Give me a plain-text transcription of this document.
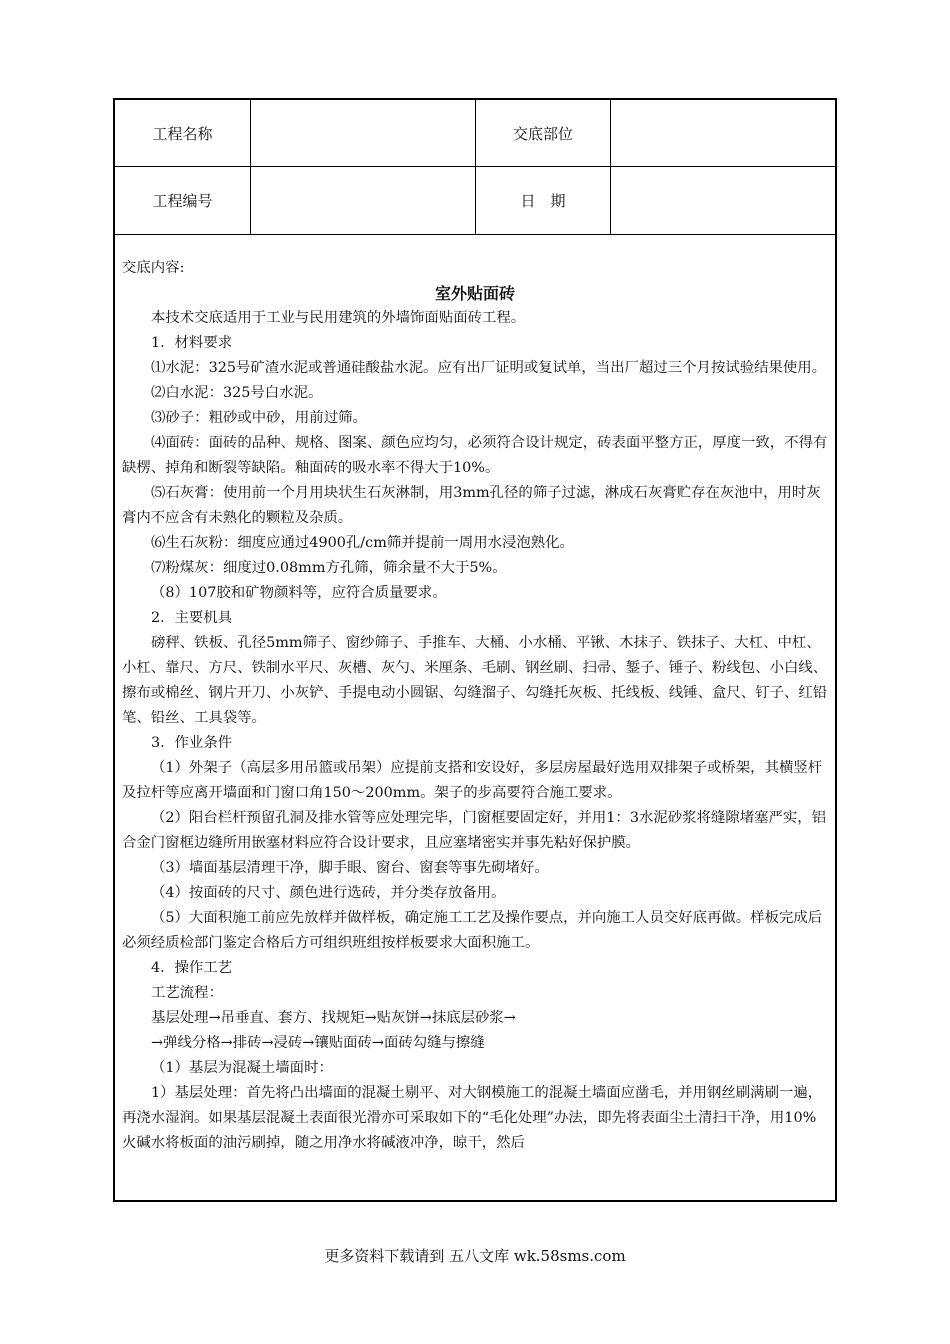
工程名称	交底部位
工程编号	日　期

交底内容:

室外贴面砖

本技术交底适用于工业与民用建筑的外墙饰面贴面砖工程。

1．材料要求

⑴水泥：325号矿渣水泥或普通硅酸盐水泥。应有出厂证明或复试单，当出厂超过三个月按试验结果使用。

⑵白水泥：325号白水泥。

⑶砂子：粗砂或中砂，用前过筛。

⑷面砖：面砖的品种、规格、图案、颜色应均匀，必须符合设计规定，砖表面平整方正，厚度一致，不得有缺楞、掉角和断裂等缺陷。釉面砖的吸水率不得大于10%。

⑸石灰膏：使用前一个月用块状生石灰淋制，用3mm孔径的筛子过滤，淋成石灰膏贮存在灰池中，用时灰膏内不应含有未熟化的颗粒及杂质。

⑹生石灰粉：细度应通过4900孔/cm筛并提前一周用水浸泡熟化。

⑺粉煤灰：细度过0.08mm方孔筛，筛余量不大于5%。

（8）107胶和矿物颜料等，应符合质量要求。

2．主要机具

磅秤、铁板、孔径5mm筛子、窗纱筛子、手推车、大桶、小水桶、平锹、木抹子、铁抹子、大杠、中杠、小杠、靠尺、方尺、铁制水平尺、灰槽、灰勺、米厘条、毛刷、钢丝刷、扫帚、錾子、锤子、粉线包、小白线、擦布或棉丝、钢片开刀、小灰铲、手提电动小圆锯、勾缝溜子、勾缝托灰板、托线板、线锤、盒尺、钉子、红铅笔、铅丝、工具袋等。

3．作业条件

（1）外架子（高层多用吊篮或吊架）应提前支搭和安设好，多层房屋最好选用双排架子或桥架，其横竖杆及拉杆等应离开墙面和门窗口角150～200mm。架子的步高要符合施工要求。

（2）阳台栏杆预留孔洞及排水管等应处理完毕，门窗框要固定好，并用1：3水泥砂浆将缝隙堵塞严实，铝合金门窗框边缝所用嵌塞材料应符合设计要求，且应塞堵密实并事先粘好保护膜。

（3）墙面基层清理干净，脚手眼、窗台、窗套等事先砌堵好。

（4）按面砖的尺寸、颜色进行选砖，并分类存放备用。

（5）大面积施工前应先放样并做样板，确定施工工艺及操作要点，并向施工人员交好底再做。样板完成后必须经质检部门鉴定合格后方可组织班组按样板要求大面积施工。

4．操作工艺

工艺流程：

基层处理→吊垂直、套方、找规矩→贴灰饼→抹底层砂浆→

→弹线分格→排砖→浸砖→镶贴面砖→面砖勾缝与擦缝

（1）基层为混凝土墙面时：

1）基层处理：首先将凸出墙面的混凝土剔平、对大钢模施工的混凝土墙面应凿毛，并用钢丝刷满刷一遍，再浇水湿润。如果基层混凝土表面很光滑亦可采取如下的“毛化处理”办法，即先将表面尘土清扫干净，用10%火碱水将板面的油污刷掉，随之用净水将碱液冲净，晾干，然后

更多资料下载请到 五八文库 wk.58sms.com
